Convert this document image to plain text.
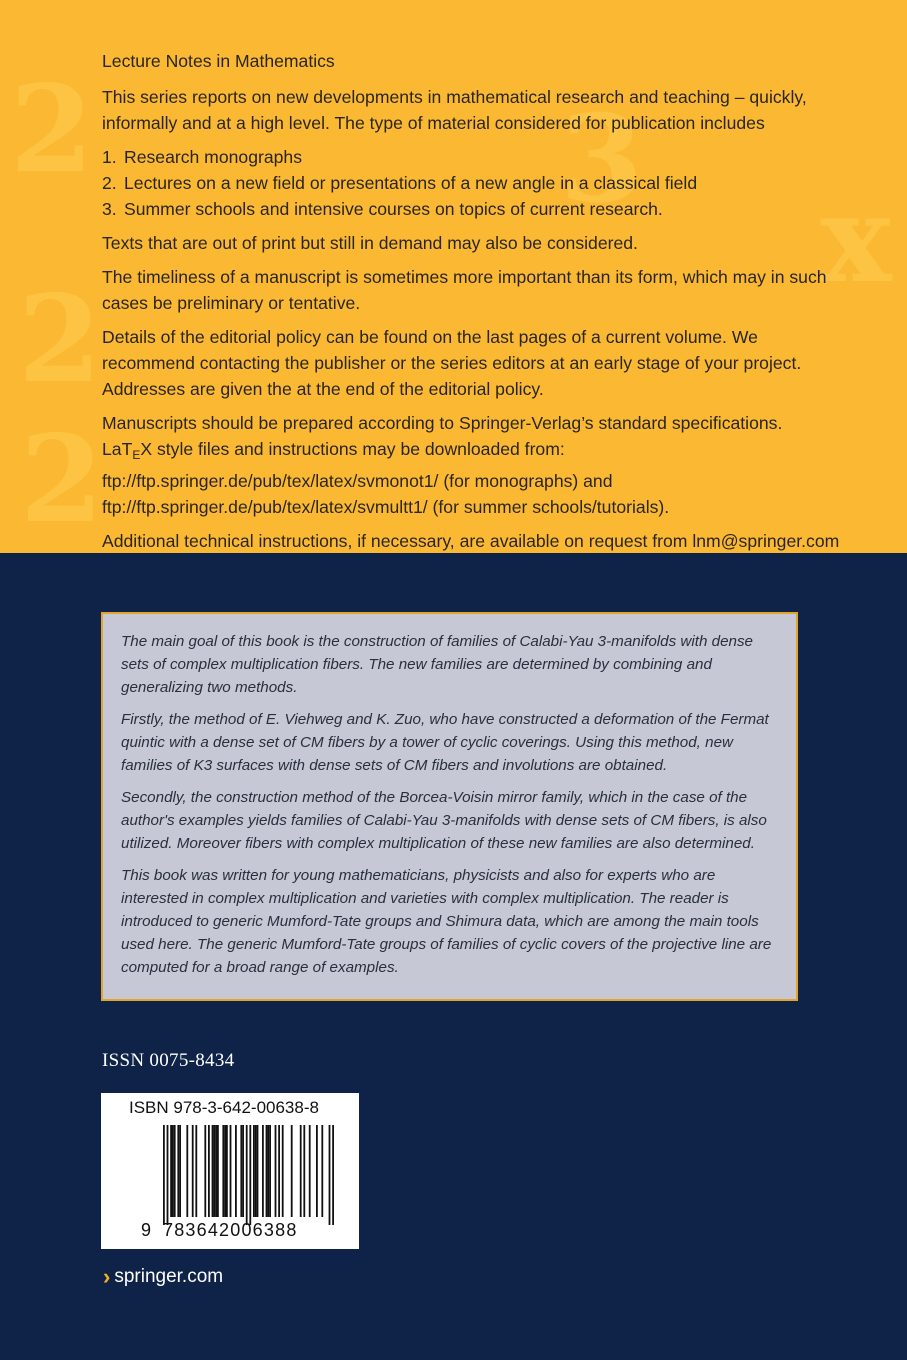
2	3
2
x
2

Lecture Notes in Mathematics

This series reports on new developments in mathematical research and teaching – quickly, informally and at a high level. The type of material considered for publication includes

1. Research monographs
2. Lectures on a new field or presentations of a new angle in a classical field
3. Summer schools and intensive courses on topics of current research.

Texts that are out of print but still in demand may also be considered.

The timeliness of a manuscript is sometimes more important than its form, which may in such cases be preliminary or tentative.

Details of the editorial policy can be found on the last pages of a current volume. We recommend contacting the publisher or the series editors at an early stage of your project. Addresses are given the at the end of the editorial policy.

Manuscripts should be prepared according to Springer-Verlag’s standard specifications.
LaT$_E$X style files and instructions may be downloaded from:
ftp://ftp.springer.de/pub/tex/latex/svmonot1/ (for monographs) and
ftp://ftp.springer.de/pub/tex/latex/svmultt1/ (for summer schools/tutorials).

Additional technical instructions, if necessary, are available on request from lnm@springer.com

The main goal of this book is the construction of families of Calabi-Yau 3-manifolds with dense sets of complex multiplication fibers. The new families are determined by combining and generalizing two methods.

Firstly, the method of E. Viehweg and K. Zuo, who have constructed a deformation of the Fermat quintic with a dense set of CM fibers by a tower of cyclic coverings. Using this method, new families of K3 surfaces with dense sets of CM fibers and involutions are obtained.

Secondly, the construction method of the Borcea-Voisin mirror family, which in the case of the author's examples yields families of Calabi-Yau 3-manifolds with dense sets of CM fibers, is also utilized. Moreover fibers with complex multiplication of these new families are also determined.

This book was written for young mathematicians, physicists and also for experts who are interested in complex multiplication and varieties with complex multiplication. The reader is introduced to generic Mumford-Tate groups and Shimura data, which are among the main tools used here. The generic Mumford-Tate groups of families of cyclic covers of the projective line are computed for a broad range of examples.

ISSN 0075-8434
ISBN 978-3-642-00638-8
9 783642006388
› springer.com
